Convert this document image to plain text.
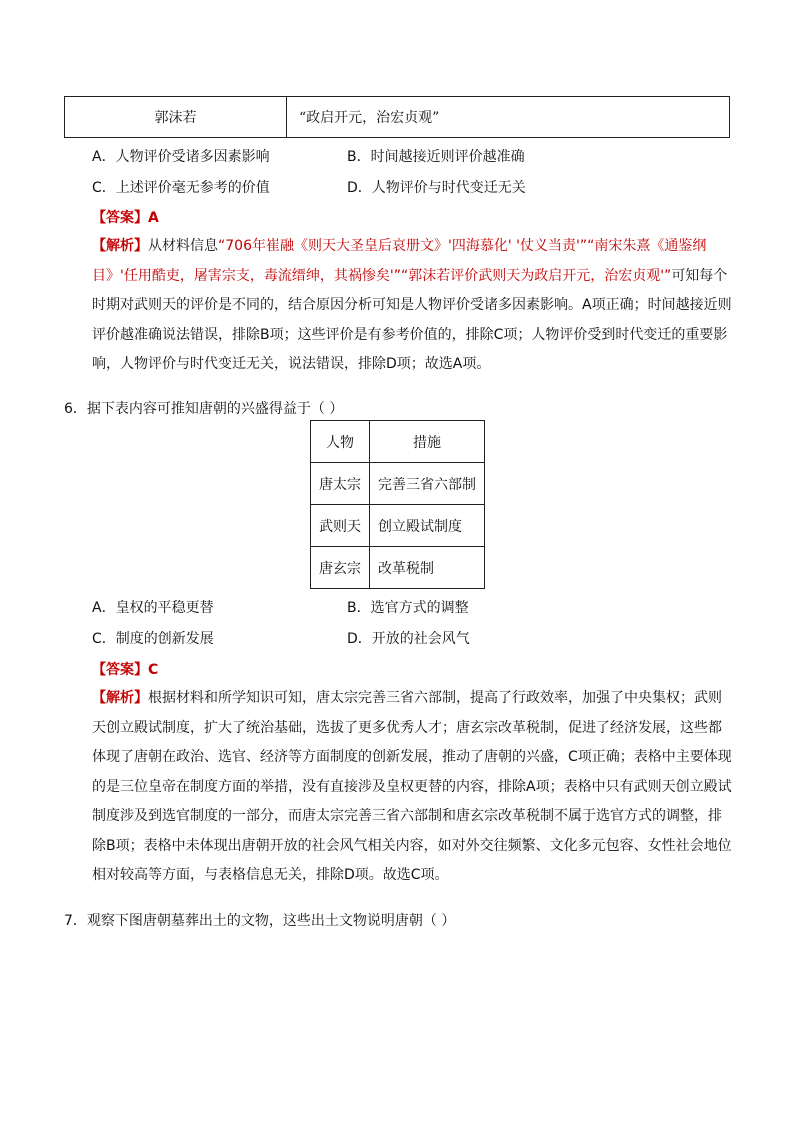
郭沫若	“政启开元，治宏贞观”
A．人物评价受诸多因素影响	B．时间越接近则评价越准确
C．上述评价毫无参考的价值	D．人物评价与时代变迁无关
【答案】A
【解析】从材料信息“706年崔融《则天大圣皇后哀册文》'四海慕化' '仗义当责'”“南宋朱熹《通鉴纲目》'任用酷吏，屠害宗支，毒流缙绅，其祸惨矣'”“郭沫若评价武则天为政启开元，治宏贞观'”可知每个时期对武则天的评价是不同的，结合原因分析可知是人物评价受诸多因素影响。A项正确；时间越接近则评价越准确说法错误，排除B项；这些评价是有参考价值的，排除C项；人物评价受到时代变迁的重要影响，人物评价与时代变迁无关，说法错误，排除D项；故选A项。
6．据下表内容可推知唐朝的兴盛得益于（ ）
人物	措施
唐太宗	完善三省六部制
武则天	创立殿试制度
唐玄宗	改革税制
A．皇权的平稳更替	B．选官方式的调整
C．制度的创新发展	D．开放的社会风气
【答案】C
【解析】根据材料和所学知识可知，唐太宗完善三省六部制，提高了行政效率，加强了中央集权；武则天创立殿试制度，扩大了统治基础，选拔了更多优秀人才；唐玄宗改革税制，促进了经济发展，这些都体现了唐朝在政治、选官、经济等方面制度的创新发展，推动了唐朝的兴盛，C项正确；表格中主要体现的是三位皇帝在制度方面的举措，没有直接涉及皇权更替的内容，排除A项；表格中只有武则天创立殿试制度涉及到选官制度的一部分，而唐太宗完善三省六部制和唐玄宗改革税制不属于选官方式的调整，排除B项；表格中未体现出唐朝开放的社会风气相关内容，如对外交往频繁、文化多元包容、女性社会地位相对较高等方面，与表格信息无关，排除D项。故选C项。
7．观察下图唐朝墓葬出土的文物，这些出土文物说明唐朝（ ）
